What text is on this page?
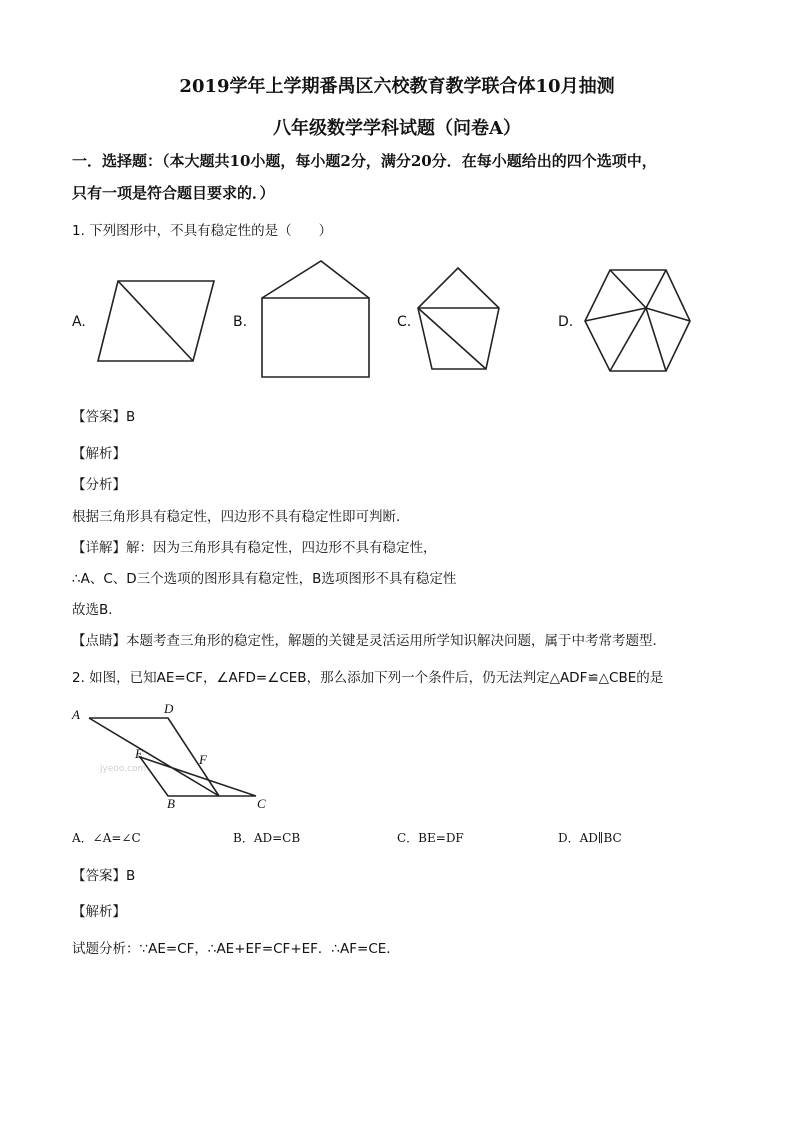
2019学年上学期番禺区六校教育教学联合体10月抽测
八年级数学学科试题（问卷A）
一．选择题：（本大题共10小题，每小题2分，满分20分．在每小题给出的四个选项中，
只有一项是符合题目要求的．）
1. 下列图形中，不具有稳定性的是（　　）
A.	B.	C.	D.
jyeoo.com
A	D
E	F
B	C
【答案】B
【解析】
【分析】
根据三角形具有稳定性，四边形不具有稳定性即可判断．
【详解】解：因为三角形具有稳定性，四边形不具有稳定性，
∴A、C、D三个选项的图形具有稳定性，B选项图形不具有稳定性
故选B．
【点睛】本题考查三角形的稳定性，解题的关键是灵活运用所学知识解决问题，属于中考常考题型．
2. 如图，已知AE=CF，∠AFD=∠CEB，那么添加下列一个条件后，仍无法判定△ADF≌△CBE的是
A．∠A=∠C	B．AD=CB	C．BE=DF	D．AD∥BC
【答案】B
【解析】
试题分析：∵AE=CF，∴AE+EF=CF+EF．∴AF=CE．
